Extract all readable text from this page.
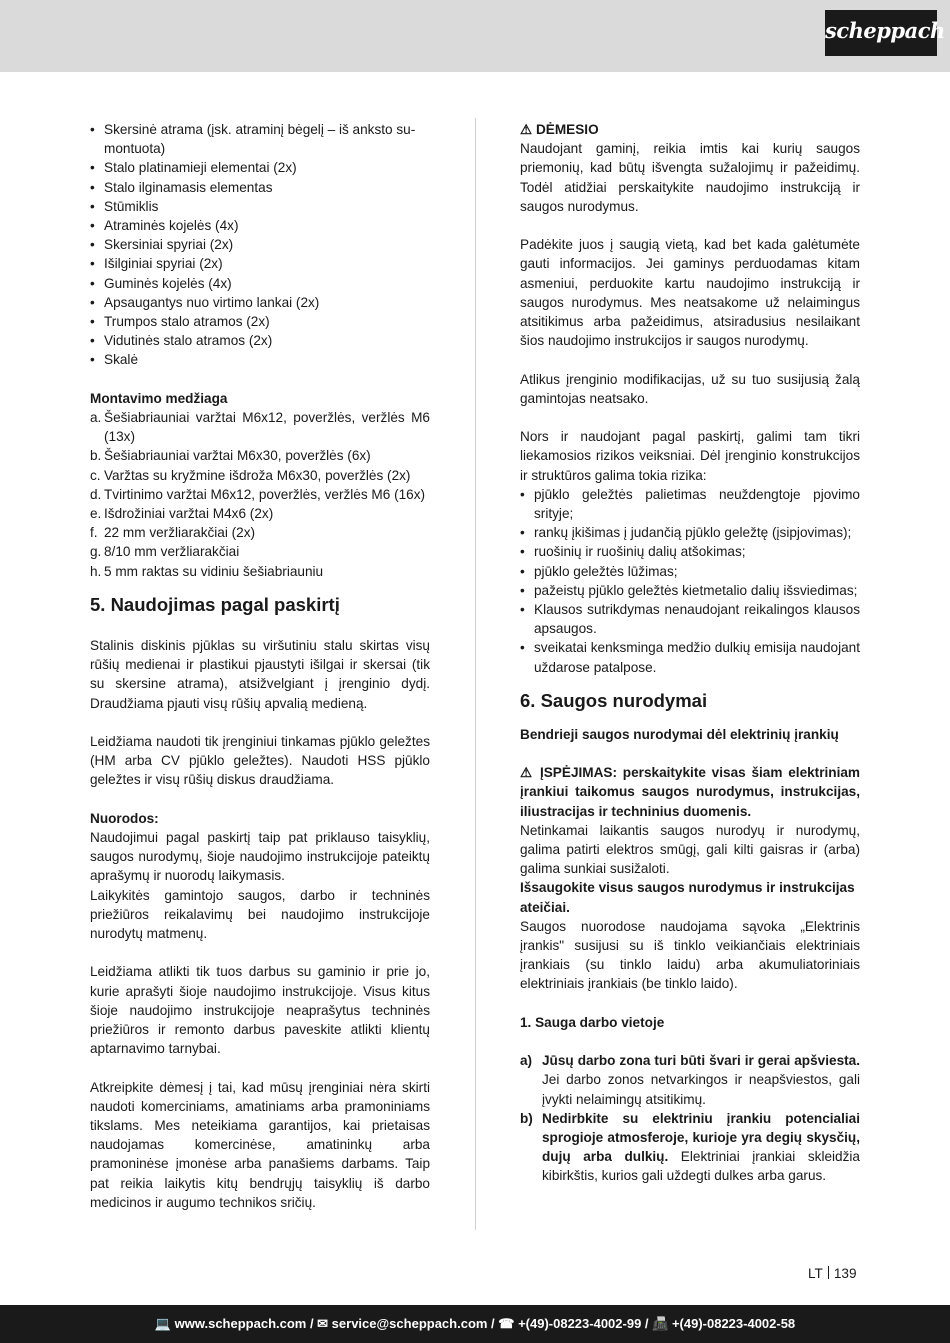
scheppach
• Skersinė atrama (įsk. atraminį bėgelį – iš anksto su-montuota)
• Stalo platinamieji elementai (2x)
• Stalo ilginamasis elementas
• Stūmiklis
• Atraminės kojelės (4x)
• Skersiniai spyriai (2x)
• Išilginiai spyriai (2x)
• Guminės kojelės (4x)
• Apsaugantys nuo virtimo lankai (2x)
• Trumpos stalo atramos (2x)
• Vidutinės stalo atramos (2x)
• Skalė

Montavimo medžiaga

a. Šešiabriauniai varžtai M6x12, poveržlės, veržlės M6 (13x)
b. Šešiabriauniai varžtai M6x30, poveržlės (6x)
c. Varžtas su kryžmine išdroža M6x30, poveržlės (2x)
d. Tvirtinimo varžtai M6x12, poveržlės, veržlės M6 (16x)
e. Išdrožiniai varžtai M4x6 (2x)
f. 22 mm veržliarakčiai (2x)
g. 8/10 mm veržliarakčiai
h. 5 mm raktas su vidiniu šešiabriauniu
5. Naudojimas pagal paskirtį

Stalinis diskinis pjūklas su viršutiniu stalu skirtas visų rūšių medienai ir plastikui pjaustyti išilgai ir skersai (tik su skersine atrama), atsižvelgiant į įrenginio dydį. Draudžiama pjauti visų rūšių apvalią medieną.

Leidžiama naudoti tik įrenginiui tinkamas pjūklo geležtes (HM arba CV pjūklo geležtes). Naudoti HSS pjūklo geležtes ir visų rūšių diskus draudžiama.

Nuorodos:

Naudojimui pagal paskirtį taip pat priklauso taisyklių, saugos nurodymų, šioje naudojimo instrukcijoje pateiktų aprašymų ir nuorodų laikymasis.

Laikykitės gamintojo saugos, darbo ir techninės priežiūros reikalavimų bei naudojimo instrukcijoje nurodytų matmenų.

Leidžiama atlikti tik tuos darbus su gaminio ir prie jo, kurie aprašyti šioje naudojimo instrukcijoje. Visus kitus šioje naudojimo instrukcijoje neaprašytus techninės priežiūros ir remonto darbus paveskite atlikti klientų aptarnavimo tarnybai.

Atkreipkite dėmesį į tai, kad mūsų įrenginiai nėra skirti naudoti komerciniams, amatiniams arba pramoniniams tikslams. Mes neteikiama garantijos, kai prietaisas naudojamas komercinėse, amatininkų arba pramoninėse įmonėse arba panašiems darbams. Taip pat reikia laikytis kitų bendrųjų taisyklių iš darbo medicinos ir augumo technikos sričių.

⚠ DĖMESIO

Naudojant gaminį, reikia imtis kai kurių saugos priemonių, kad būtų išvengta sužalojimų ir pažeidimų. Todėl atidžiai perskaitykite naudojimo instrukciją ir saugos nurodymus.

Padėkite juos į saugią vietą, kad bet kada galėtumėte gauti informacijos. Jei gaminys perduodamas kitam asmeniui, perduokite kartu naudojimo instrukciją ir saugos nurodymus. Mes neatsakome už nelaimingus atsitikimus arba pažeidimus, atsiradusius nesilaikant šios naudojimo instrukcijos ir saugos nurodymų.

Atlikus įrenginio modifikacijas, už su tuo susijusią žalą gamintojas neatsako.

Nors ir naudojant pagal paskirtį, galimi tam tikri liekamosios rizikos veiksniai. Dėl įrenginio konstrukcijos ir struktūros galima tokia rizika:

• pjūklo geležtės palietimas neuždengtoje pjovimo srityje;
• rankų įkišimas į judančią pjūklo geležtę (įsipjovimas);
• ruošinių ir ruošinių dalių atšokimas;
• pjūklo geležtės lūžimas;
• pažeistų pjūklo geležtės kietmetalio dalių išsviedimas;
• Klausos sutrikdymas nenaudojant reikalingos klausos apsaugos.
• sveikatai kenksminga medžio dulkių emisija naudojant uždarose patalpose.
6. Saugos nurodymai

Bendrieji saugos nurodymai dėl elektrinių įrankių

⚠ ĮSPĖJIMAS: perskaitykite visas šiam elektriniam įrankiui taikomus saugos nurodymus, instrukcijas, iliustracijas ir techninius duomenis.

Netinkamai laikantis saugos nurodyų ir nurodymų, galima patirti elektros smūgį, gali kilti gaisras ir (arba) galima sunkiai susižaloti.

Išsaugokite visus saugos nurodymus ir instrukcijas ateičiai.

Saugos nuorodose naudojama sąvoka „Elektrinis įrankis" susijusi su iš tinklo veikiančiais elektriniais įrankiais (su tinklo laidu) arba akumuliatoriniais elektriniais įrankiais (be tinklo laido).

1. Sauga darbo vietoje

a) Jūsų darbo zona turi būti švari ir gerai apšviesta. Jei darbo zonos netvarkingos ir neapšviestos, gali įvykti nelaimingų atsitikimų.
b) Nedirbkite su elektriniu įrankiu potencialiai sprogioje atmosferoje, kurioje yra degių skysčių, dujų arba dulkių. Elektriniai įrankiai skleidžia kibirkštis, kurios gali uždegti dulkes arba garus.
LT 139
💻 www.scheppach.com / ✉ service@scheppach.com / ☎ +(49)-08223-4002-99 / 📠 +(49)-08223-4002-58
